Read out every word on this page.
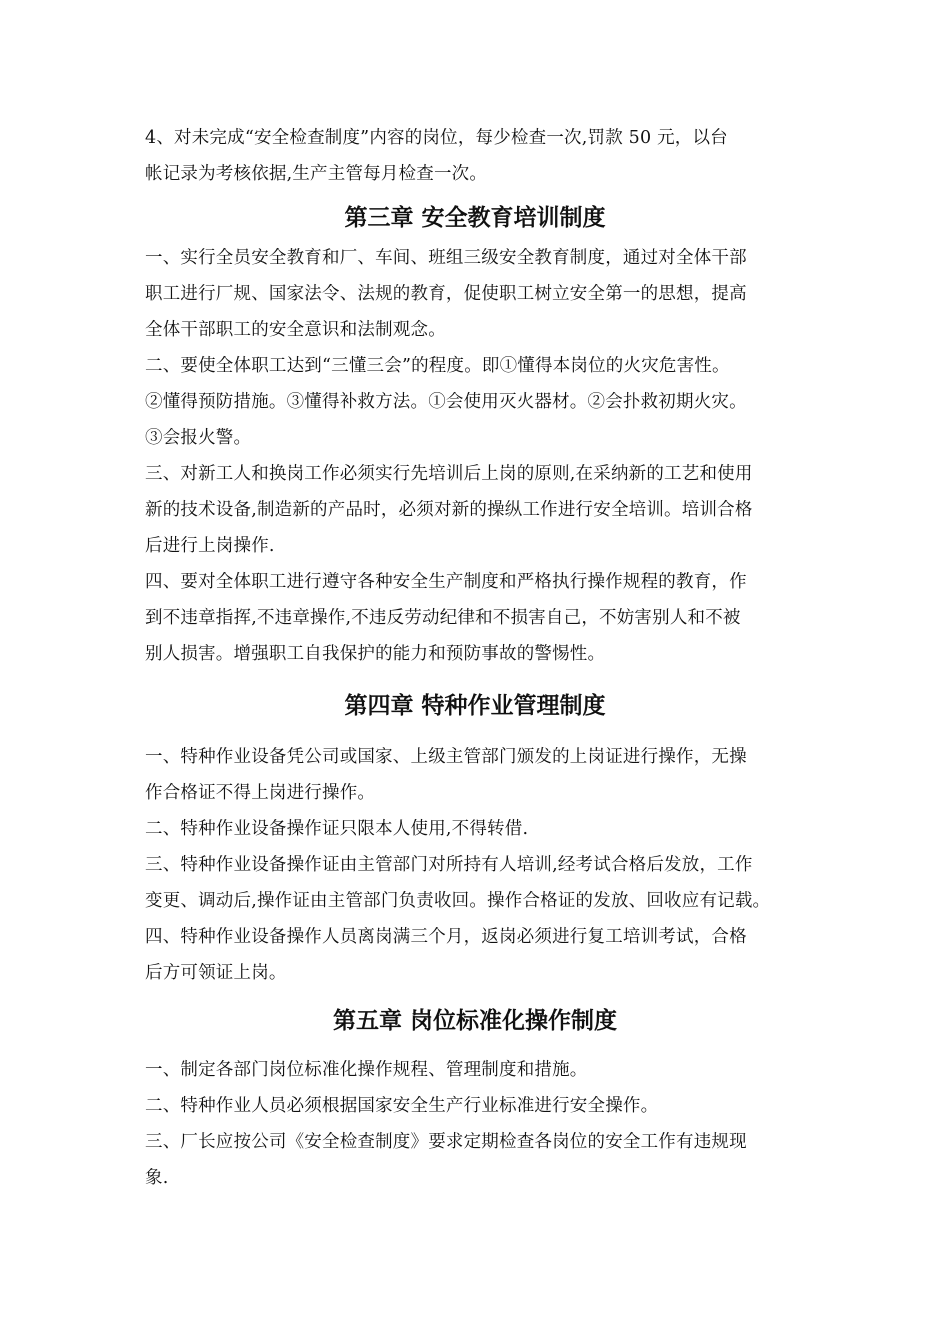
4、对未完成“安全检查制度”内容的岗位，每少检查一次,罚款 50 元，以台
帐记录为考核依据,生产主管每月检查一次。
第三章 安全教育培训制度
一、实行全员安全教育和厂、车间、班组三级安全教育制度，通过对全体干部
职工进行厂规、国家法令、法规的教育，促使职工树立安全第一的思想，提高
全体干部职工的安全意识和法制观念。
二、要使全体职工达到“三懂三会”的程度。即①懂得本岗位的火灾危害性。
②懂得预防措施。③懂得补救方法。①会使用灭火器材。②会扑救初期火灾。
③会报火警。
三、对新工人和换岗工作必须实行先培训后上岗的原则,在采纳新的工艺和使用
新的技术设备,制造新的产品时，必须对新的操纵工作进行安全培训。培训合格
后进行上岗操作.
四、要对全体职工进行遵守各种安全生产制度和严格执行操作规程的教育，作
到不违章指挥,不违章操作,不违反劳动纪律和不损害自己，不妨害别人和不被
别人损害。增强职工自我保护的能力和预防事故的警惕性。
第四章 特种作业管理制度
一、特种作业设备凭公司或国家、上级主管部门颁发的上岗证进行操作，无操
作合格证不得上岗进行操作。
二、特种作业设备操作证只限本人使用,不得转借.
三、特种作业设备操作证由主管部门对所持有人培训,经考试合格后发放，工作
变更、调动后,操作证由主管部门负责收回。操作合格证的发放、回收应有记载。
四、特种作业设备操作人员离岗满三个月，返岗必须进行复工培训考试，合格
后方可领证上岗。
第五章 岗位标准化操作制度
一、制定各部门岗位标准化操作规程、管理制度和措施。
二、特种作业人员必须根据国家安全生产行业标准进行安全操作。
三、厂长应按公司《安全检查制度》要求定期检查各岗位的安全工作有违规现
象.
